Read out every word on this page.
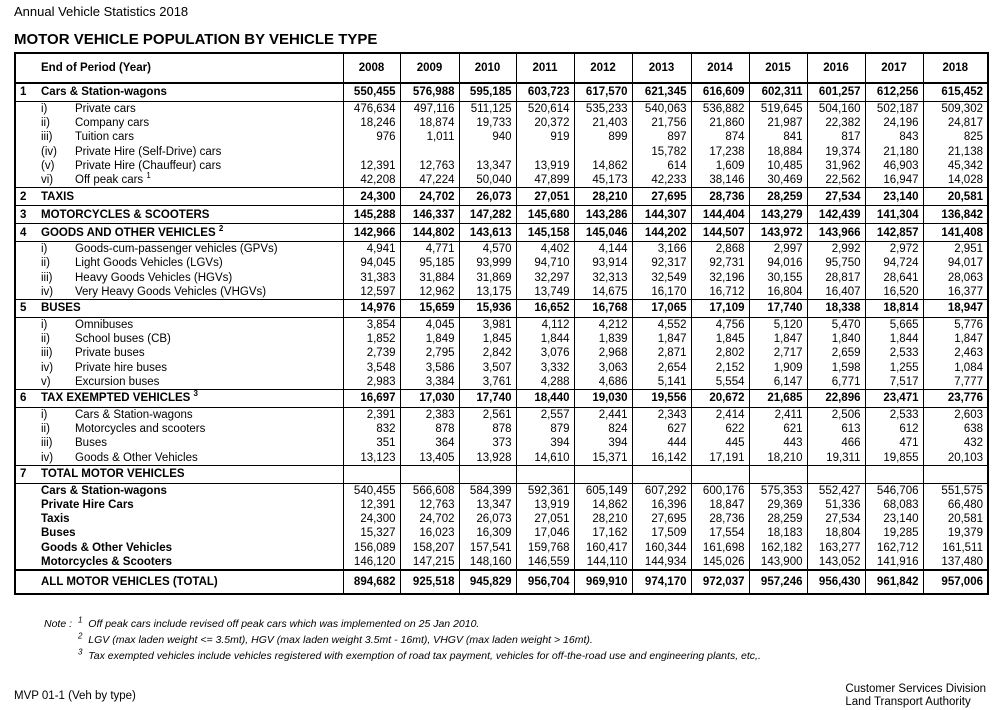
Annual Vehicle Statistics 2018
MOTOR VEHICLE POPULATION BY VEHICLE TYPE
	End of Period (Year)	2008	2009	2010	2011	2012	2013	2014	2015	2016	2017	2018
1	Cars & Station-wagons	550,455	576,988	595,185	603,723	617,570	621,345	616,609	602,311	601,257	612,256	615,452
	i) Private cars	476,634	497,116	511,125	520,614	535,233	540,063	536,882	519,645	504,160	502,187	509,302
	ii) Company cars	18,246	18,874	19,733	20,372	21,403	21,756	21,860	21,987	22,382	24,196	24,817
	iii) Tuition cars	976	1,011	940	919	899	897	874	841	817	843	825
	(iv) Private Hire (Self-Drive) cars						15,782	17,238	18,884	19,374	21,180	21,138
	(v) Private Hire (Chauffeur) cars	12,391	12,763	13,347	13,919	14,862	614	1,609	10,485	31,962	46,903	45,342
	vi) Off peak cars $^1$	42,208	47,224	50,040	47,899	45,173	42,233	38,146	30,469	22,562	16,947	14,028
2	TAXIS	24,300	24,702	26,073	27,051	28,210	27,695	28,736	28,259	27,534	23,140	20,581
3	MOTORCYCLES & SCOOTERS	145,288	146,337	147,282	145,680	143,286	144,307	144,404	143,279	142,439	141,304	136,842
4	GOODS AND OTHER VEHICLES $^2$	142,966	144,802	143,613	145,158	145,046	144,202	144,507	143,972	143,966	142,857	141,408
	i) Goods-cum-passenger vehicles (GPVs)	4,941	4,771	4,570	4,402	4,144	3,166	2,868	2,997	2,992	2,972	2,951
	ii) Light Goods Vehicles (LGVs)	94,045	95,185	93,999	94,710	93,914	92,317	92,731	94,016	95,750	94,724	94,017
	iii) Heavy Goods Vehicles (HGVs)	31,383	31,884	31,869	32,297	32,313	32,549	32,196	30,155	28,817	28,641	28,063
	iv) Very Heavy Goods Vehicles (VHGVs)	12,597	12,962	13,175	13,749	14,675	16,170	16,712	16,804	16,407	16,520	16,377
5	BUSES	14,976	15,659	15,936	16,652	16,768	17,065	17,109	17,740	18,338	18,814	18,947
	i) Omnibuses	3,854	4,045	3,981	4,112	4,212	4,552	4,756	5,120	5,470	5,665	5,776
	ii) School buses (CB)	1,852	1,849	1,845	1,844	1,839	1,847	1,845	1,847	1,840	1,844	1,847
	iii) Private buses	2,739	2,795	2,842	3,076	2,968	2,871	2,802	2,717	2,659	2,533	2,463
	iv) Private hire buses	3,548	3,586	3,507	3,332	3,063	2,654	2,152	1,909	1,598	1,255	1,084
	v) Excursion buses	2,983	3,384	3,761	4,288	4,686	5,141	5,554	6,147	6,771	7,517	7,777
6	TAX EXEMPTED VEHICLES $^3$	16,697	17,030	17,740	18,440	19,030	19,556	20,672	21,685	22,896	23,471	23,776
	i) Cars & Station-wagons	2,391	2,383	2,561	2,557	2,441	2,343	2,414	2,411	2,506	2,533	2,603
	ii) Motorcycles and scooters	832	878	878	879	824	627	622	621	613	612	638
	iii) Buses	351	364	373	394	394	444	445	443	466	471	432
	iv) Goods & Other Vehicles	13,123	13,405	13,928	14,610	15,371	16,142	17,191	18,210	19,311	19,855	20,103
7	TOTAL MOTOR VEHICLES											
	Cars & Station-wagons	540,455	566,608	584,399	592,361	605,149	607,292	600,176	575,353	552,427	546,706	551,575
	Private Hire Cars	12,391	12,763	13,347	13,919	14,862	16,396	18,847	29,369	51,336	68,083	66,480
	Taxis	24,300	24,702	26,073	27,051	28,210	27,695	28,736	28,259	27,534	23,140	20,581
	Buses	15,327	16,023	16,309	17,046	17,162	17,509	17,554	18,183	18,804	19,285	19,379
	Goods & Other Vehicles	156,089	158,207	157,541	159,768	160,417	160,344	161,698	162,182	163,277	162,712	161,511
	Motorcycles & Scooters	146,120	147,215	148,160	146,559	144,110	144,934	145,026	143,900	143,052	141,916	137,480
	ALL MOTOR VEHICLES (TOTAL)	894,682	925,518	945,829	956,704	969,910	974,170	972,037	957,246	956,430	961,842	957,006
Note : $^1$ Off peak cars include revised off peak cars which was implemented on 25 Jan 2010.
$^2$ LGV (max laden weight <= 3.5mt), HGV (max laden weight 3.5mt - 16mt), VHGV (max laden weight > 16mt).
$^3$ Tax exempted vehicles include vehicles registered with exemption of road tax payment, vehicles for off-the-road use and engineering plants, etc,.
MVP 01-1 (Veh by type)
Customer Services Division
Land Transport Authority
